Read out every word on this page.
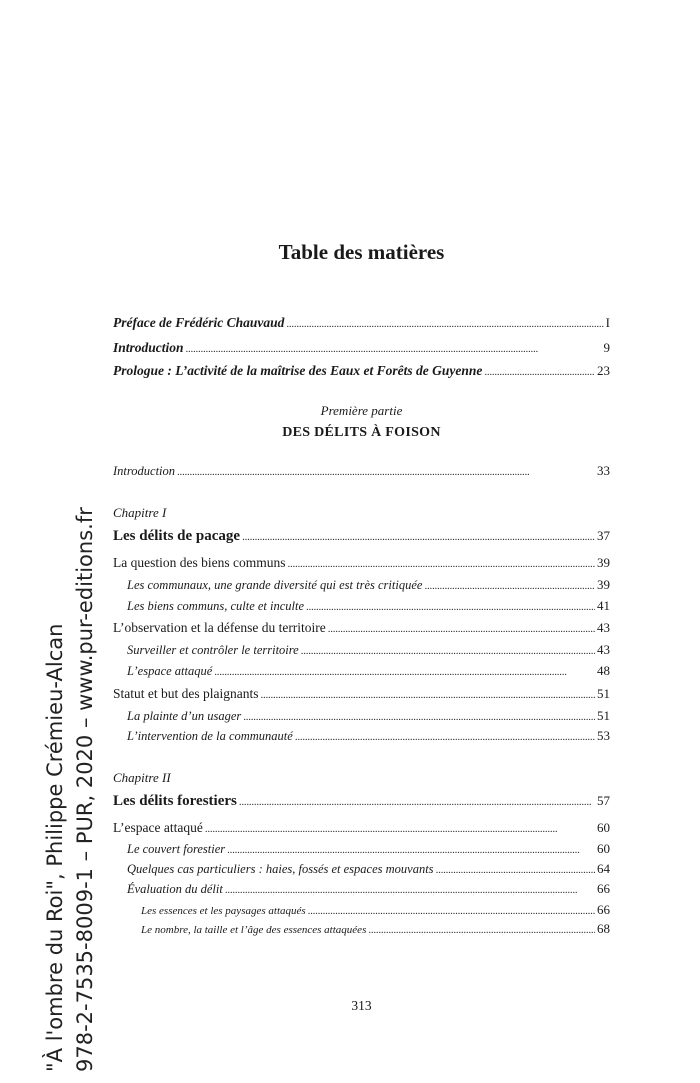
Table des matières
Préface de Frédéric Chauvaud . . .	I
Introduction . . .	9
Prologue : L’activité de la maîtrise des Eaux et Forêts de Guyenne . . .	23
Première partie
DES DÉLITS À FOISON
Introduction . . .	33
Chapitre I
Les délits de pacage . . .	37
La question des biens communs . . .	39
Les communaux, une grande diversité qui est très critiquée . . .	39
Les biens communs, culte et inculte . . .	41
L’observation et la défense du territoire . . .	43
Surveiller et contrôler le territoire . . .	43
L’espace attaqué . . .	48
Statut et but des plaignants . . .	51
La plainte d’un usager . . .	51
L’intervention de la communauté . . .	53
Chapitre II
Les délits forestiers . . .	57
L’espace attaqué . . .	60
Le couvert forestier . . .	60
Quelques cas particuliers : haies, fossés et espaces mouvants . . .	64
Évaluation du délit . . .	66
Les essences et les paysages attaqués . . .	66
Le nombre, la taille et l’âge des essences attaquées . . .	68
313
"À l'ombre du Roi", Philippe Crémieu-Alcan 978-2-7535-8009-1 – PUR, 2020 – www.pur-editions.fr
